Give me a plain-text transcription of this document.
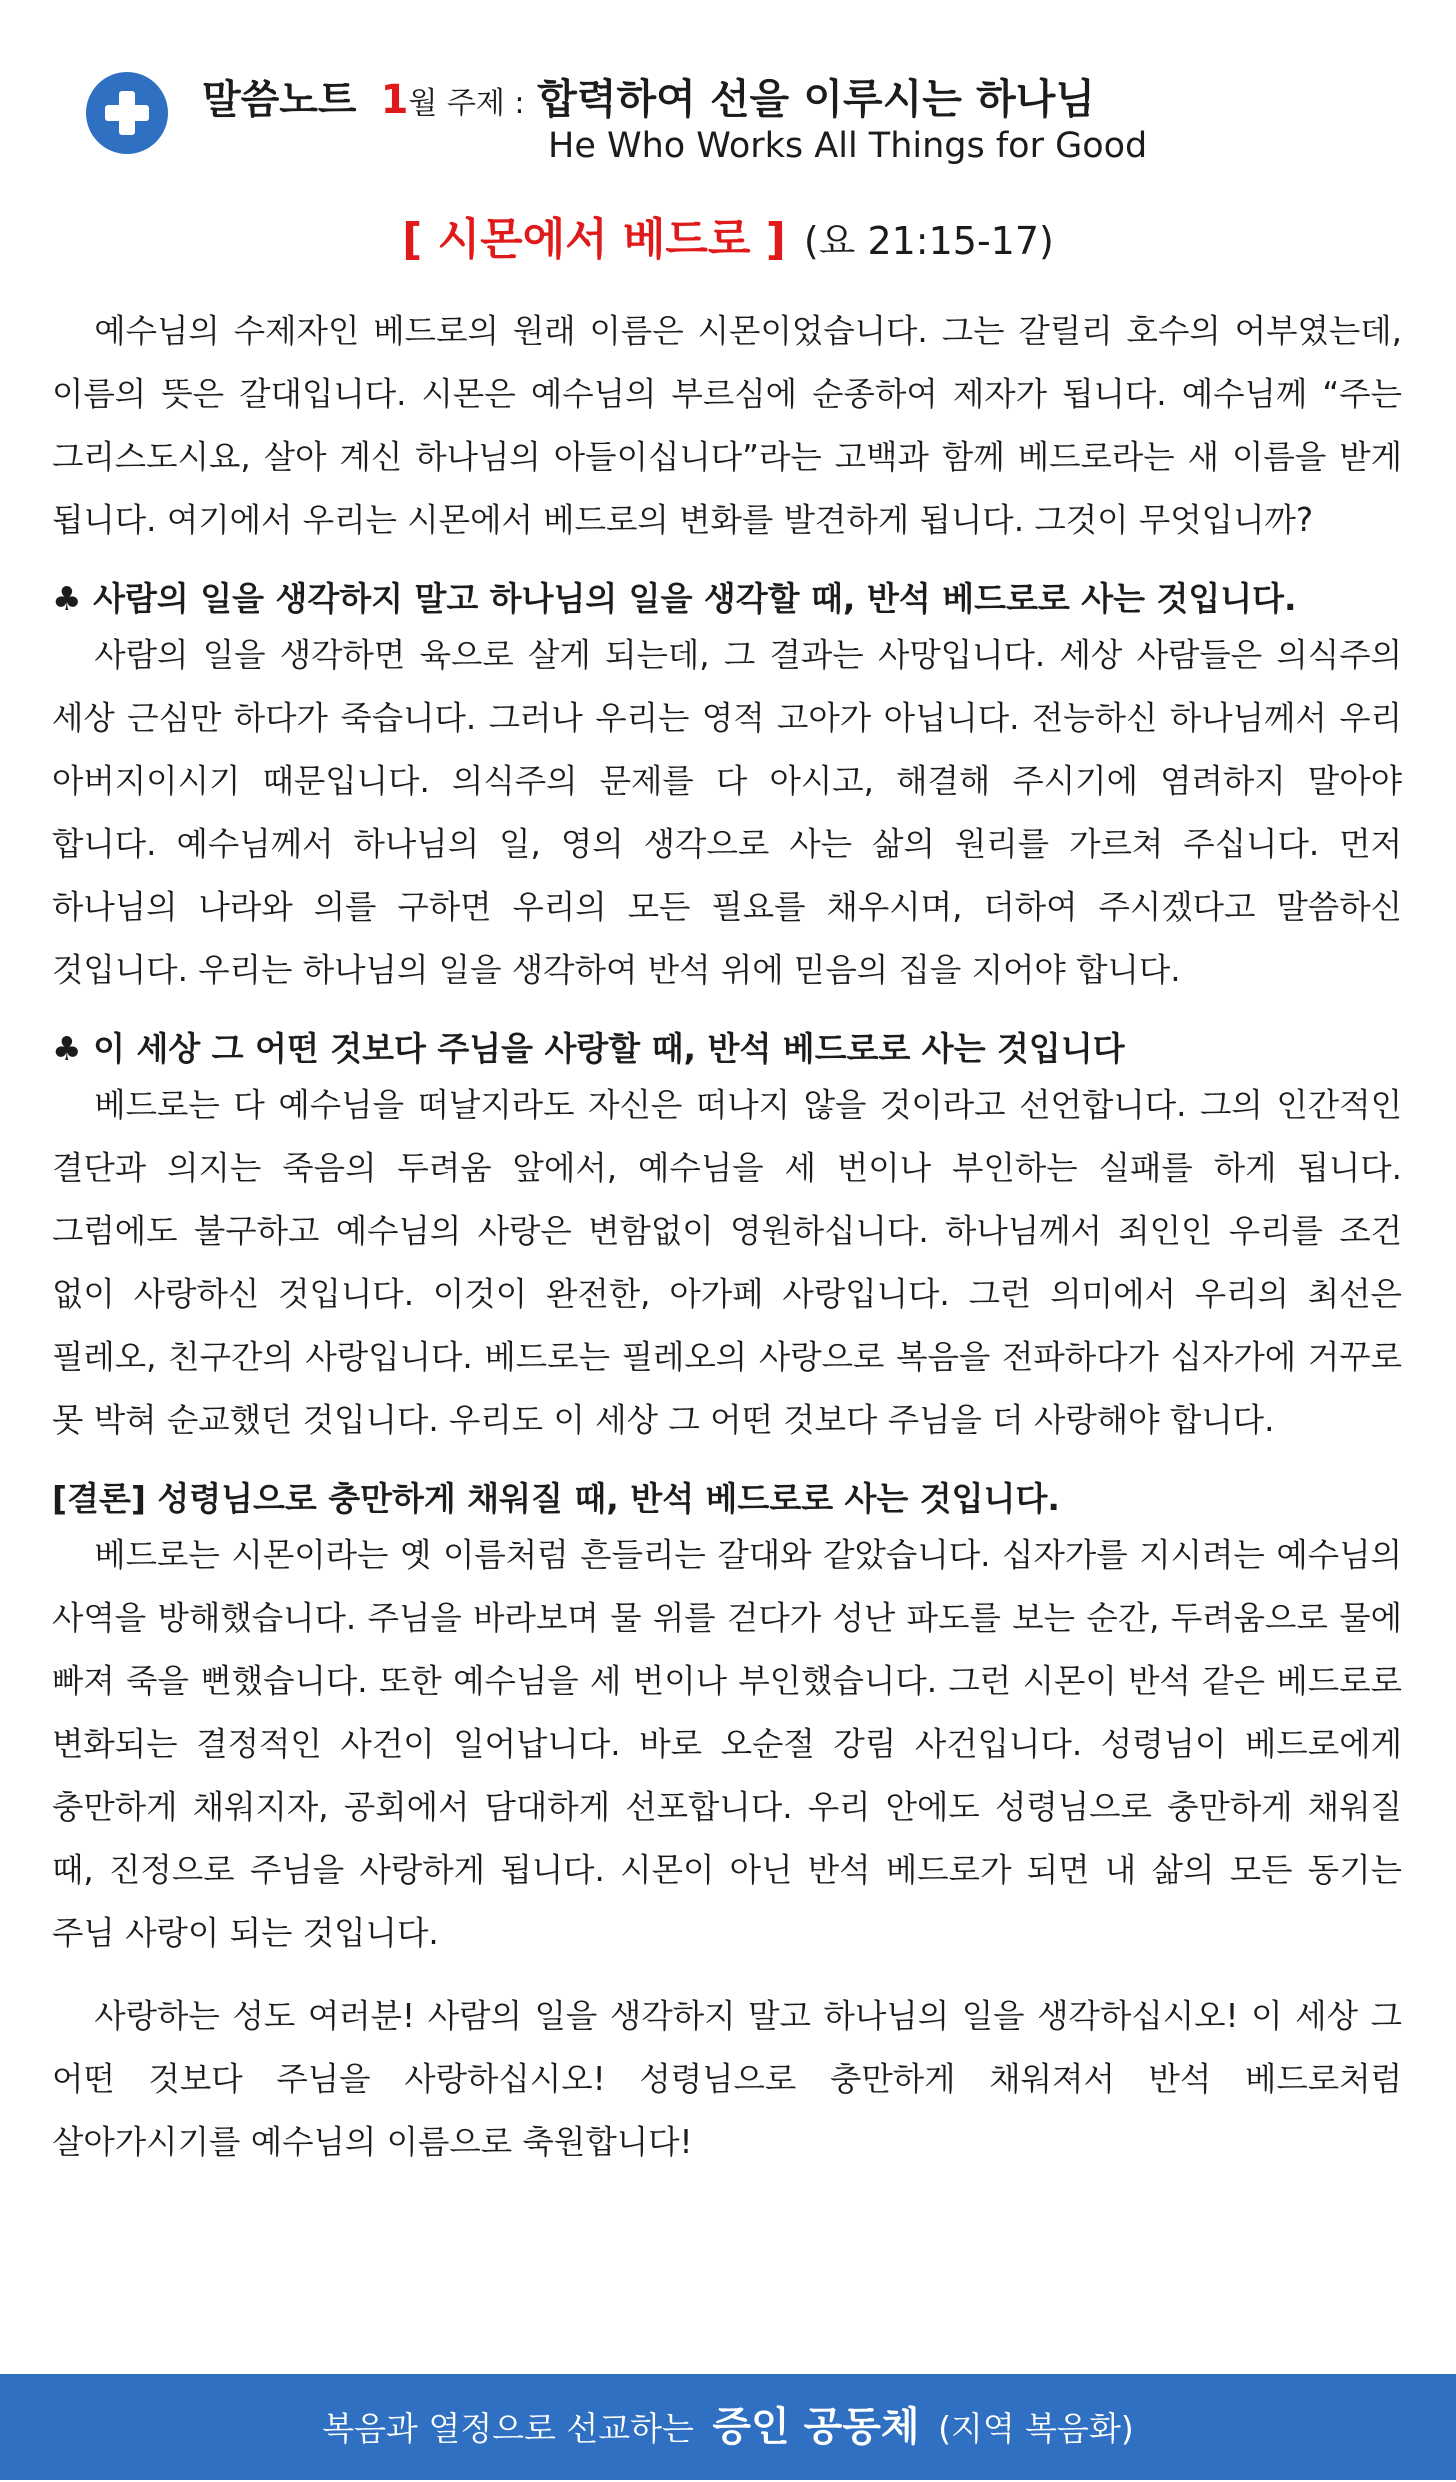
말씀노트 1월 주제 : 합력하여 선을 이루시는 하나님
He Who Works All Things for Good
[ 시몬에서 베드로 ] (요 21:15-17)

예수님의 수제자인 베드로의 원래 이름은 시몬이었습니다. 그는 갈릴리 호수의 어부였는데, 이름의 뜻은 갈대입니다. 시몬은 예수님의 부르심에 순종하여 제자가 됩니다. 예수님께 “주는 그리스도시요, 살아 계신 하나님의 아들이십니다”라는 고백과 함께 베드로라는 새 이름을 받게 됩니다. 여기에서 우리는 시몬에서 베드로의 변화를 발견하게 됩니다. 그것이 무엇입니까?

♣ 사람의 일을 생각하지 말고 하나님의 일을 생각할 때, 반석 베드로로 사는 것입니다.

사람의 일을 생각하면 육으로 살게 되는데, 그 결과는 사망입니다. 세상 사람들은 의식주의 세상 근심만 하다가 죽습니다. 그러나 우리는 영적 고아가 아닙니다. 전능하신 하나님께서 우리 아버지이시기 때문입니다. 의식주의 문제를 다 아시고, 해결해 주시기에 염려하지 말아야 합니다. 예수님께서 하나님의 일, 영의 생각으로 사는 삶의 원리를 가르쳐 주십니다. 먼저 하나님의 나라와 의를 구하면 우리의 모든 필요를 채우시며, 더하여 주시겠다고 말씀하신 것입니다. 우리는 하나님의 일을 생각하여 반석 위에 믿음의 집을 지어야 합니다.

♣ 이 세상 그 어떤 것보다 주님을 사랑할 때, 반석 베드로로 사는 것입니다

베드로는 다 예수님을 떠날지라도 자신은 떠나지 않을 것이라고 선언합니다. 그의 인간적인 결단과 의지는 죽음의 두려움 앞에서, 예수님을 세 번이나 부인하는 실패를 하게 됩니다. 그럼에도 불구하고 예수님의 사랑은 변함없이 영원하십니다. 하나님께서 죄인인 우리를 조건 없이 사랑하신 것입니다. 이것이 완전한, 아가페 사랑입니다. 그런 의미에서 우리의 최선은 필레오, 친구간의 사랑입니다. 베드로는 필레오의 사랑으로 복음을 전파하다가 십자가에 거꾸로 못 박혀 순교했던 것입니다. 우리도 이 세상 그 어떤 것보다 주님을 더 사랑해야 합니다.

[결론] 성령님으로 충만하게 채워질 때, 반석 베드로로 사는 것입니다.

베드로는 시몬이라는 옛 이름처럼 흔들리는 갈대와 같았습니다. 십자가를 지시려는 예수님의 사역을 방해했습니다. 주님을 바라보며 물 위를 걷다가 성난 파도를 보는 순간, 두려움으로 물에 빠져 죽을 뻔했습니다. 또한 예수님을 세 번이나 부인했습니다. 그런 시몬이 반석 같은 베드로로 변화되는 결정적인 사건이 일어납니다. 바로 오순절 강림 사건입니다. 성령님이 베드로에게 충만하게 채워지자, 공회에서 담대하게 선포합니다. 우리 안에도 성령님으로 충만하게 채워질 때, 진정으로 주님을 사랑하게 됩니다. 시몬이 아닌 반석 베드로가 되면 내 삶의 모든 동기는 주님 사랑이 되는 것입니다.

사랑하는 성도 여러분! 사람의 일을 생각하지 말고 하나님의 일을 생각하십시오! 이 세상 그 어떤 것보다 주님을 사랑하십시오! 성령님으로 충만하게 채워져서 반석 베드로처럼 살아가시기를 예수님의 이름으로 축원합니다!

복음과 열정으로 선교하는 증인 공동체 (지역 복음화)
